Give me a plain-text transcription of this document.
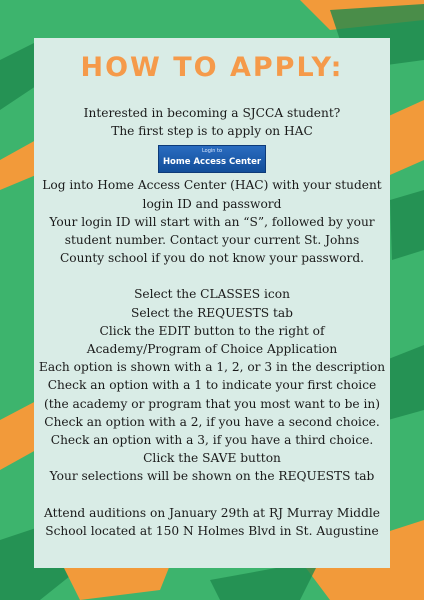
HOW TO APPLY:
Interested in becoming a SJCCA student?
The first step is to apply on HAC
Login to
Home Access Center
Log into Home Access Center (HAC) with your student
login ID and password
Your login ID will start with an “S”, followed by your
student number. Contact your current St. Johns
County school if you do not know your password.
Select the CLASSES icon
Select the REQUESTS tab
Click the EDIT button to the right of
Academy/Program of Choice Application
Each option is shown with a 1, 2, or 3 in the description
Check an option with a 1 to indicate your first choice
(the academy or program that you most want to be in)
Check an option with a 2, if you have a second choice.
Check an option with a 3, if you have a third choice.
Click the SAVE button
Your selections will be shown on the REQUESTS tab
Attend auditions on January 29th at RJ Murray Middle
School located at 150 N Holmes Blvd in St. Augustine
